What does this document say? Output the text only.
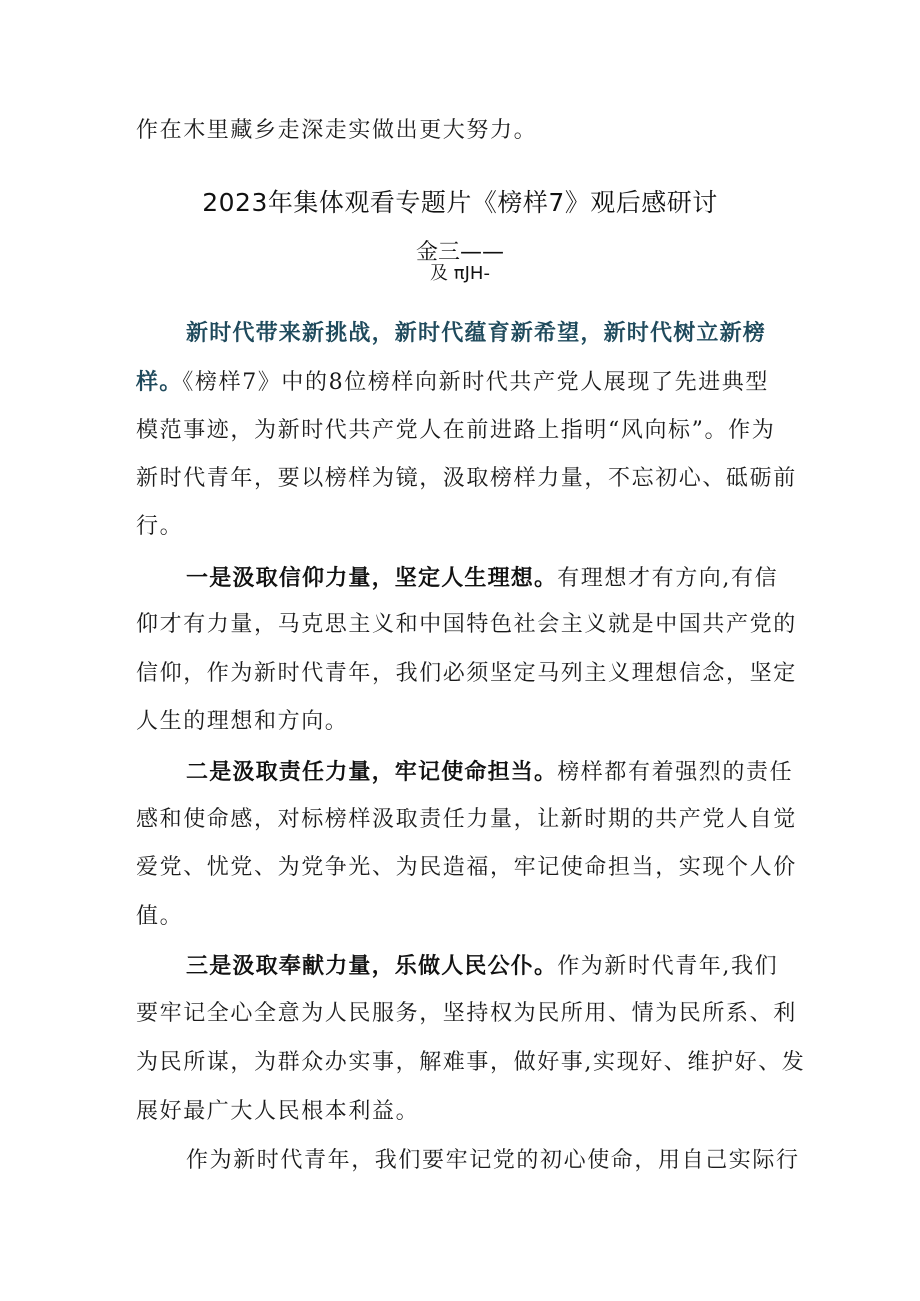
作在木里藏乡走深走实做出更大努力。
2023年集体观看专题片《榜样7》观后感研讨
金三——
及 πJH-
新时代带来新挑战，新时代蕴育新希望，新时代树立新榜
样。《榜样7》中的8位榜样向新时代共产党人展现了先进典型
模范事迹，为新时代共产党人在前进路上指明“风向标”。作为
新时代青年，要以榜样为镜，汲取榜样力量，不忘初心、砥砺前
行。
一是汲取信仰力量，坚定人生理想。有理想才有方向,有信
仰才有力量，马克思主义和中国特色社会主义就是中国共产党的
信仰，作为新时代青年，我们必须坚定马列主义理想信念，坚定
人生的理想和方向。
二是汲取责任力量，牢记使命担当。榜样都有着强烈的责任
感和使命感，对标榜样汲取责任力量，让新时期的共产党人自觉
爱党、忧党、为党争光、为民造福，牢记使命担当，实现个人价
值。
三是汲取奉献力量，乐做人民公仆。作为新时代青年,我们
要牢记全心全意为人民服务，坚持权为民所用、情为民所系、利
为民所谋，为群众办实事，解难事，做好事,实现好、维护好、发
展好最广大人民根本利益。
作为新时代青年，我们要牢记党的初心使命，用自己实际行
